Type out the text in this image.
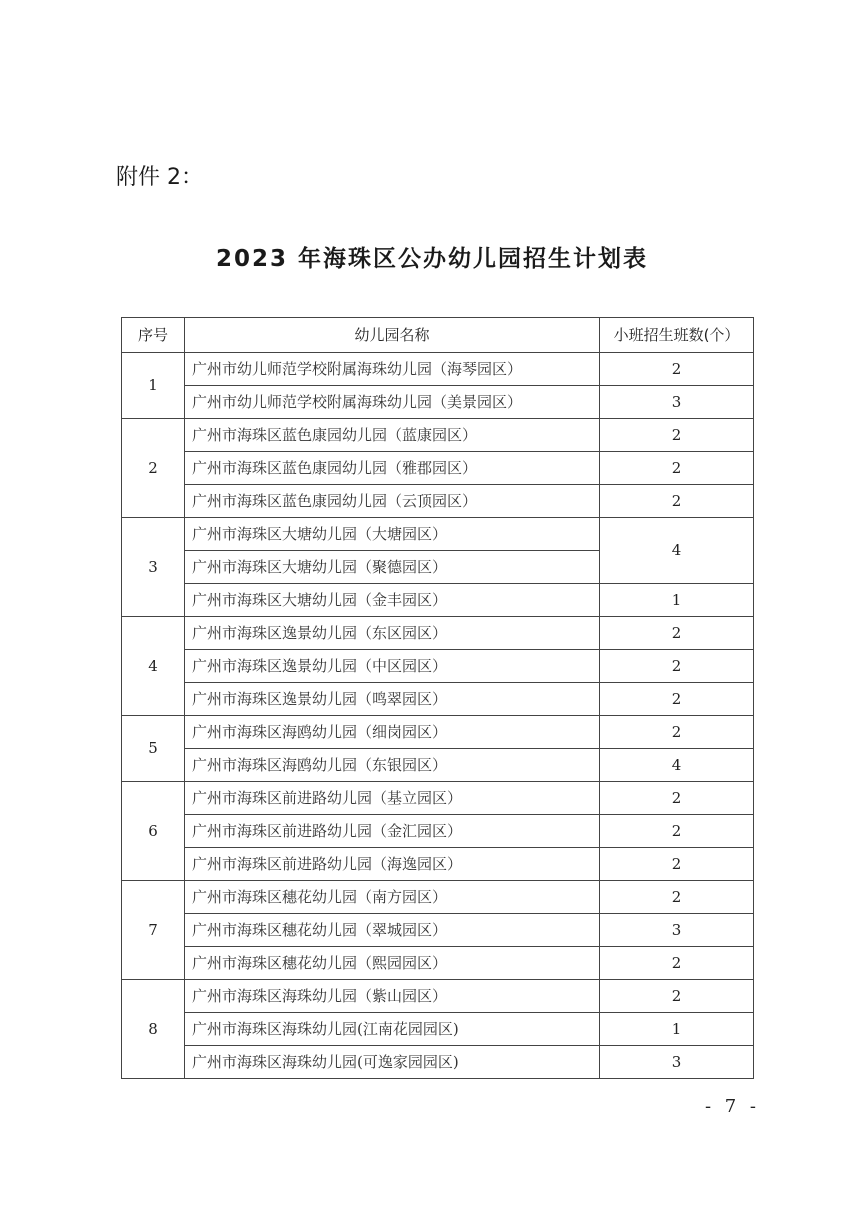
附件 2：

2023 年海珠区公办幼儿园招生计划表
序号	幼儿园名称	小班招生班数(个）
1	广州市幼儿师范学校附属海珠幼儿园（海琴园区）	2
	广州市幼儿师范学校附属海珠幼儿园（美景园区）	3
2	广州市海珠区蓝色康园幼儿园（蓝康园区）	2
	广州市海珠区蓝色康园幼儿园（雅郡园区）	2
	广州市海珠区蓝色康园幼儿园（云顶园区）	2
3	广州市海珠区大塘幼儿园（大塘园区）	4
	广州市海珠区大塘幼儿园（聚德园区）	
	广州市海珠区大塘幼儿园（金丰园区）	1
4	广州市海珠区逸景幼儿园（东区园区）	2
	广州市海珠区逸景幼儿园（中区园区）	2
	广州市海珠区逸景幼儿园（鸣翠园区）	2
5	广州市海珠区海鸥幼儿园（细岗园区）	2
	广州市海珠区海鸥幼儿园（东银园区）	4
6	广州市海珠区前进路幼儿园（基立园区）	2
	广州市海珠区前进路幼儿园（金汇园区）	2
	广州市海珠区前进路幼儿园（海逸园区）	2
7	广州市海珠区穗花幼儿园（南方园区）	2
	广州市海珠区穗花幼儿园（翠城园区）	3
	广州市海珠区穗花幼儿园（熙园园区）	2
8	广州市海珠区海珠幼儿园（紫山园区）	2
	广州市海珠区海珠幼儿园(江南花园园区)	1
	广州市海珠区海珠幼儿园(可逸家园园区)	3
- 7 -
